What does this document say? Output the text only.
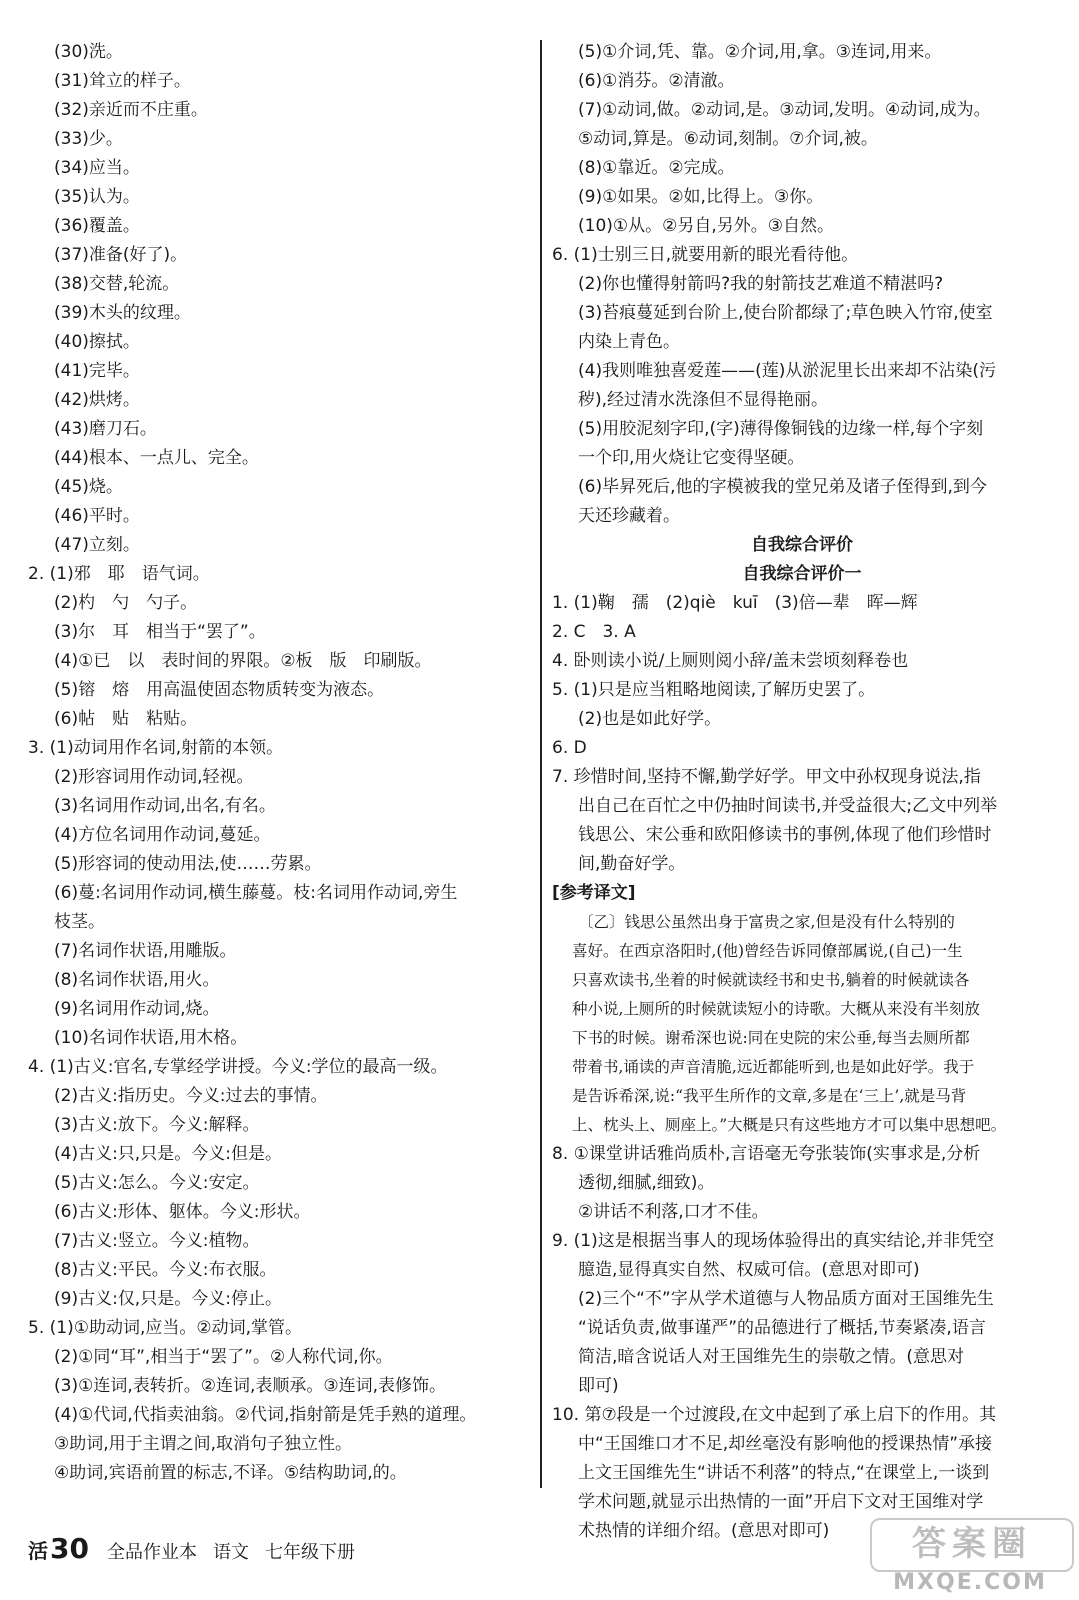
(30)洗。
(31)耸立的样子。
(32)亲近而不庄重。
(33)少。
(34)应当。
(35)认为。
(36)覆盖。
(37)准备(好了)。
(38)交替,轮流。
(39)木头的纹理。
(40)擦拭。
(41)完毕。
(42)烘烤。
(43)磨刀石。
(44)根本、一点儿、完全。
(45)烧。
(46)平时。
(47)立刻。
2. (1)邪　耶　语气词。
(2)杓　勺　勺子。
(3)尔　耳　相当于“罢了”。
(4)①已　以　表时间的界限。②板　版　印刷版。
(5)镕　熔　用高温使固态物质转变为液态。
(6)帖　贴　粘贴。
3. (1)动词用作名词,射箭的本领。
(2)形容词用作动词,轻视。
(3)名词用作动词,出名,有名。
(4)方位名词用作动词,蔓延。
(5)形容词的使动用法,使……劳累。
(6)蔓:名词用作动词,横生藤蔓。枝:名词用作动词,旁生
枝茎。
(7)名词作状语,用雕版。
(8)名词作状语,用火。
(9)名词用作动词,烧。
(10)名词作状语,用木格。
4. (1)古义:官名,专掌经学讲授。今义:学位的最高一级。
(2)古义:指历史。今义:过去的事情。
(3)古义:放下。今义:解释。
(4)古义:只,只是。今义:但是。
(5)古义:怎么。今义:安定。
(6)古义:形体、躯体。今义:形状。
(7)古义:竖立。今义:植物。
(8)古义:平民。今义:布衣服。
(9)古义:仅,只是。今义:停止。
5. (1)①助动词,应当。②动词,掌管。
(2)①同“耳”,相当于“罢了”。②人称代词,你。
(3)①连词,表转折。②连词,表顺承。③连词,表修饰。
(4)①代词,代指卖油翁。②代词,指射箭是凭手熟的道理。
③助词,用于主谓之间,取消句子独立性。
④助词,宾语前置的标志,不译。⑤结构助词,的。
(5)①介词,凭、靠。②介词,用,拿。③连词,用来。
(6)①消芬。②清澈。
(7)①动词,做。②动词,是。③动词,发明。④动词,成为。
⑤动词,算是。⑥动词,刻制。⑦介词,被。
(8)①靠近。②完成。
(9)①如果。②如,比得上。③你。
(10)①从。②另自,另外。③自然。
6. (1)士别三日,就要用新的眼光看待他。
(2)你也懂得射箭吗?我的射箭技艺难道不精湛吗?
(3)苔痕蔓延到台阶上,使台阶都绿了;草色映入竹帘,使室
内染上青色。
(4)我则唯独喜爱莲——(莲)从淤泥里长出来却不沾染(污
秽),经过清水洗涤但不显得艳丽。
(5)用胶泥刻字印,(字)薄得像铜钱的边缘一样,每个字刻
一个印,用火烧让它变得坚硬。
(6)毕昇死后,他的字模被我的堂兄弟及诸子侄得到,到今
天还珍藏着。
自我综合评价
自我综合评价一
1. (1)鞠　孺　(2)qiè　kuī　(3)倍—辈　晖—辉
2. C　3. A
4. 卧则读小说/上厕则阅小辞/盖未尝顷刻释卷也
5. (1)只是应当粗略地阅读,了解历史罢了。
(2)也是如此好学。
6. D
7. 珍惜时间,坚持不懈,勤学好学。甲文中孙权现身说法,指
出自己在百忙之中仍抽时间读书,并受益很大;乙文中列举
钱思公、宋公垂和欧阳修读书的事例,体现了他们珍惜时
间,勤奋好学。
[参考译文]
〔乙〕钱思公虽然出身于富贵之家,但是没有什么特别的
喜好。在西京洛阳时,(他)曾经告诉同僚部属说,(自己)一生
只喜欢读书,坐着的时候就读经书和史书,躺着的时候就读各
种小说,上厕所的时候就读短小的诗歌。大概从来没有半刻放
下书的时候。谢希深也说:同在史院的宋公垂,每当去厕所都
带着书,诵读的声音清脆,远近都能听到,也是如此好学。我于
是告诉希深,说:“我平生所作的文章,多是在‘三上’,就是马背
上、枕头上、厕座上。”大概是只有这些地方才可以集中思想吧。
8. ①课堂讲话雅尚质朴,言语毫无夸张装饰(实事求是,分析
透彻,细腻,细致)。
②讲话不利落,口才不佳。
9. (1)这是根据当事人的现场体验得出的真实结论,并非凭空
臆造,显得真实自然、权威可信。(意思对即可)
(2)三个“不”字从学术道德与人物品质方面对王国维先生
“说话负责,做事谨严”的品德进行了概括,节奏紧凑,语言
简洁,暗含说话人对王国维先生的崇敬之情。(意思对
即可)
10. 第⑦段是一个过渡段,在文中起到了承上启下的作用。其
中“王国维口才不足,却丝毫没有影响他的授课热情”承接
上文王国维先生“讲话不利落”的特点,“在课堂上,一谈到
学术问题,就显示出热情的一面”开启下文对王国维对学
术热情的详细介绍。(意思对即可)
活30 全品作业本 语文 七年级下册	答案圈
MXQE.COM
